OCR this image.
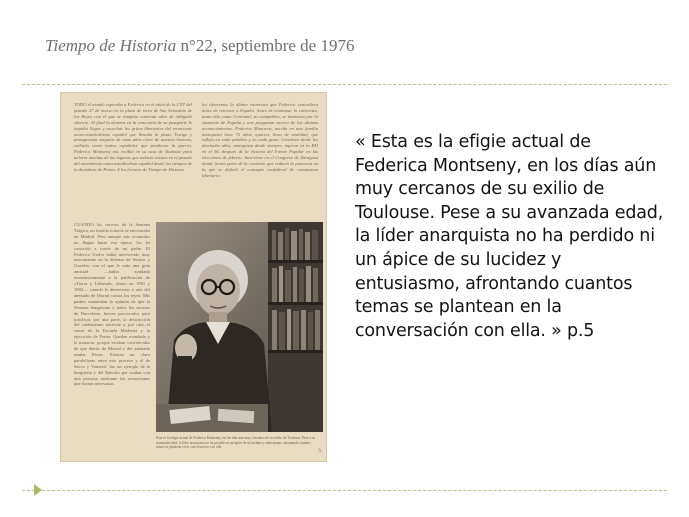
Tiempo de Historia n°22, septiembre de 1976
TODO el mundo esperaba a Federica en el mitin de la CNT del pasado 27 de marzo en la plaza de toros de San Sebastián de los Reyes con el que se rompían cuarenta años de obligado silencio. Al final la demora en la concesión de su pasaporte le impidió llegar y escuchar los gritos libertarios del renaciente anarcosindicalismo español que llenaba la plaza. Testigo y protagonista singular de unos años clave de nuestra historia, exiliada como tantos españoles que perdieron la guerra, Federica Montseny nos recibía en su casa de Toulouse para aclarar muchas de las lagunas que todavía existen en el pasado del movimiento anarcosindicalista español desde los tiempos de la dictadura de Primo. A los lectores de Tiempo de Historia
les ofrecemos la última entrevista que Federica concediera antes de retornar a España. Antes de comenzar la entrevista, tanto ella como Germinal, su compañero, se interesan por la situación de España y nos preguntan acerca de los últimos acontecimientos. Federica Montseny, nacida en una familia anarquista hace 72 años, aparece llena de vitalidad, que refleja en cada palabra y en cada gesto. Cenetista desde los dieciocho años, anarquista desde siempre, ingresa en la FAI en el 36, después de la victoria del Frente Popular en las elecciones de febrero. Interviene en el Congreso de Zaragoza donde forma parte de la comisión que redactó la ponencia en la que se definió el concepto confederal de comunismo libertario.
CUANDO los sucesos de la Semana Trágica, no familia todavía se encontraba en Madrid. Pero aunque mis recuerdos no llegan hasta esa época, los he conocido a través de mi padre. El Federico Urales había intervenido muy activamente en la defensa de Sunyer y Guardia, con el que le unía una gran amistad —había ayudado económicamente a la publicación de «Tierra y Libertad», diario en 1901 y 1902— cuando le detuvieron a raíz del atentado de Morral contra los reyes. Mis padres mantenían la opinión de que la Semana Sangrienta y todos los sucesos de Barcelona, fueron provocados para justificar, por una parte, la destrucción del catalanismo naciente y, por otra, el cierre de la Escuela Moderna y la ejecución de Ferrer. Quedan mandado y le mataron, porque estaban convencidos de que detrás de Morral y del atentado estaba Ferrer. Existen un claro paralelismo entre este proceso y el de Sacco y Vanzetti: fue un ejemplo de la burguesía y del Ejército por acabar con una persona mediante las acusaciones que fueran necesarias.
Esta es la efigie actual de Federica Montseny, en los días aún muy cercanos de su exilio de Toulouse. Pese a su avanzada edad, la líder anarquista no ha perdido ni un ápice de su lucidez y entusiasmo, afrontando cuantos temas se plantean en la conversación con ella.
5
« Esta es la efigie actual de Federica Montseny, en los días aún muy cercanos de su exilio de Toulouse. Pese a su avanzada edad, la líder anarquista no ha perdido ni un ápice de su lucidez y entusiasmo, afrontando cuantos temas se plantean en la conversación con ella. » p.5
